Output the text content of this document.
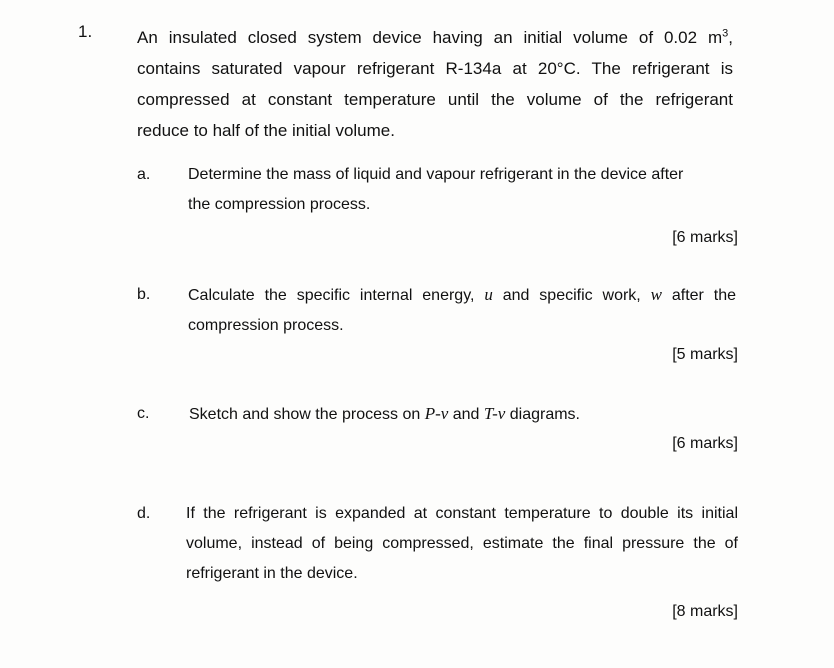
1.	An insulated closed system device having an initial volume of 0.02 $m^3$,
contains saturated vapour refrigerant R-134a at 20°C. The refrigerant is
compressed at constant temperature until the volume of the refrigerant
reduce to half of the initial volume.
a. Determine the mass of liquid and vapour refrigerant in the device after
the compression process.
[6 marks]
b. Calculate the specific internal energy, u and specific work, w after the
compression process.
[5 marks]
c. Sketch and show the process on P-v and T-v diagrams.
[6 marks]
d. If the refrigerant is expanded at constant temperature to double its initial
volume, instead of being compressed, estimate the final pressure the of
refrigerant in the device.
[8 marks]
